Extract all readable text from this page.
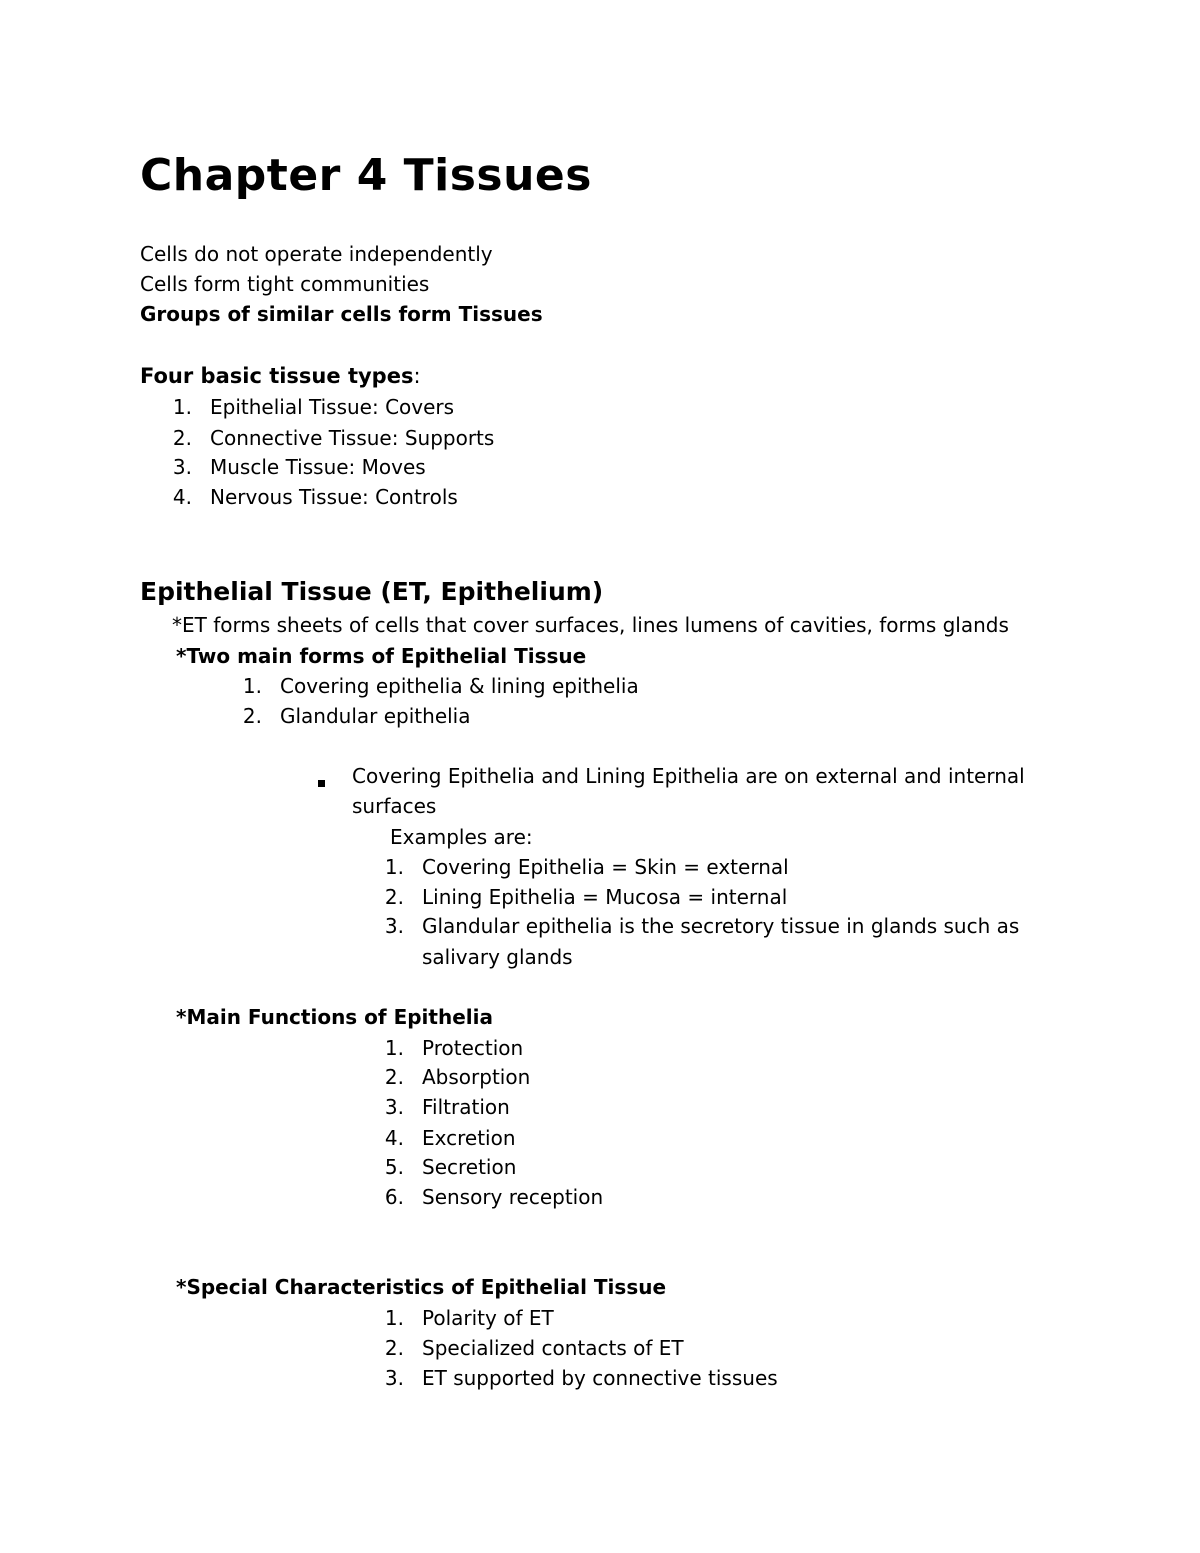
Chapter 4 Tissues
Cells do not operate independently
Cells form tight communities
Groups of similar cells form Tissues
Four basic tissue types:
1. Epithelial Tissue: Covers
2. Connective Tissue: Supports
3. Muscle Tissue: Moves
4. Nervous Tissue: Controls
Epithelial Tissue (ET, Epithelium)
*ET forms sheets of cells that cover surfaces, lines lumens of cavities, forms glands
*Two main forms of Epithelial Tissue
1. Covering epithelia & lining epithelia
2. Glandular epithelia
Covering Epithelia and Lining Epithelia are on external and internal
surfaces
Examples are:
1. Covering Epithelia = Skin = external
2. Lining Epithelia = Mucosa = internal
3. Glandular epithelia is the secretory tissue in glands such as
salivary glands
*Main Functions of Epithelia
1. Protection
2. Absorption
3. Filtration
4. Excretion
5. Secretion
6. Sensory reception
*Special Characteristics of Epithelial Tissue
1. Polarity of ET
2. Specialized contacts of ET
3. ET supported by connective tissues
